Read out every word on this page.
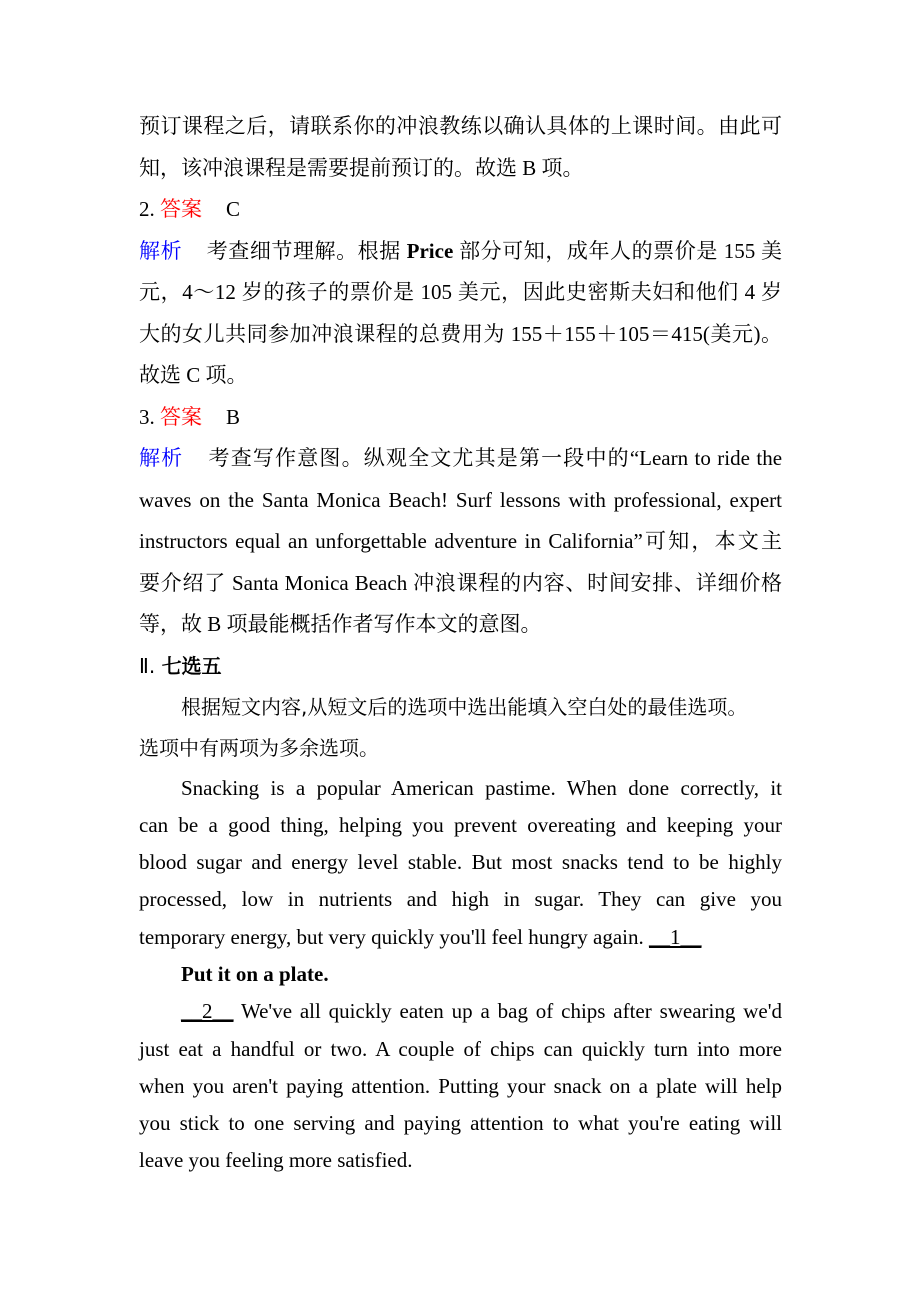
预订课程之后，请联系你的冲浪教练以确认具体的上课时间。由此可
知，该冲浪课程是需要提前预订的。故选 B 项。
2. 答案 C
解析 考查细节理解。根据 Price 部分可知，成年人的票价是 155 美
元，4～12 岁的孩子的票价是 105 美元，因此史密斯夫妇和他们 4 岁
大的女儿共同参加冲浪课程的总费用为 155＋155＋105＝415(美元)。
故选 C 项。
3. 答案 B
解析 考查写作意图。纵观全文尤其是第一段中的“Learn to ride the
waves on the Santa Monica Beach! Surf lessons with professional, expert
instructors equal an unforgettable adventure in California”可知，本文主
要介绍了 Santa Monica Beach 冲浪课程的内容、时间安排、详细价格
等，故 B 项最能概括作者写作本文的意图。
Ⅱ. 七选五
根据短文内容,从短文后的选项中选出能填入空白处的最佳选项。
选项中有两项为多余选项。
Snacking is a popular American pastime. When done correctly, it
can be a good thing, helping you prevent overeating and keeping your
blood sugar and energy level stable. But most snacks tend to be highly
processed, low in nutrients and high in sugar. They can give you
temporary energy, but very quickly you'll feel hungry again. __1__
Put it on a plate.
__2__ We've all quickly eaten up a bag of chips after swearing we'd
just eat a handful or two. A couple of chips can quickly turn into more
when you aren't paying attention. Putting your snack on a plate will help
you stick to one serving and paying attention to what you're eating will
leave you feeling more satisfied.
